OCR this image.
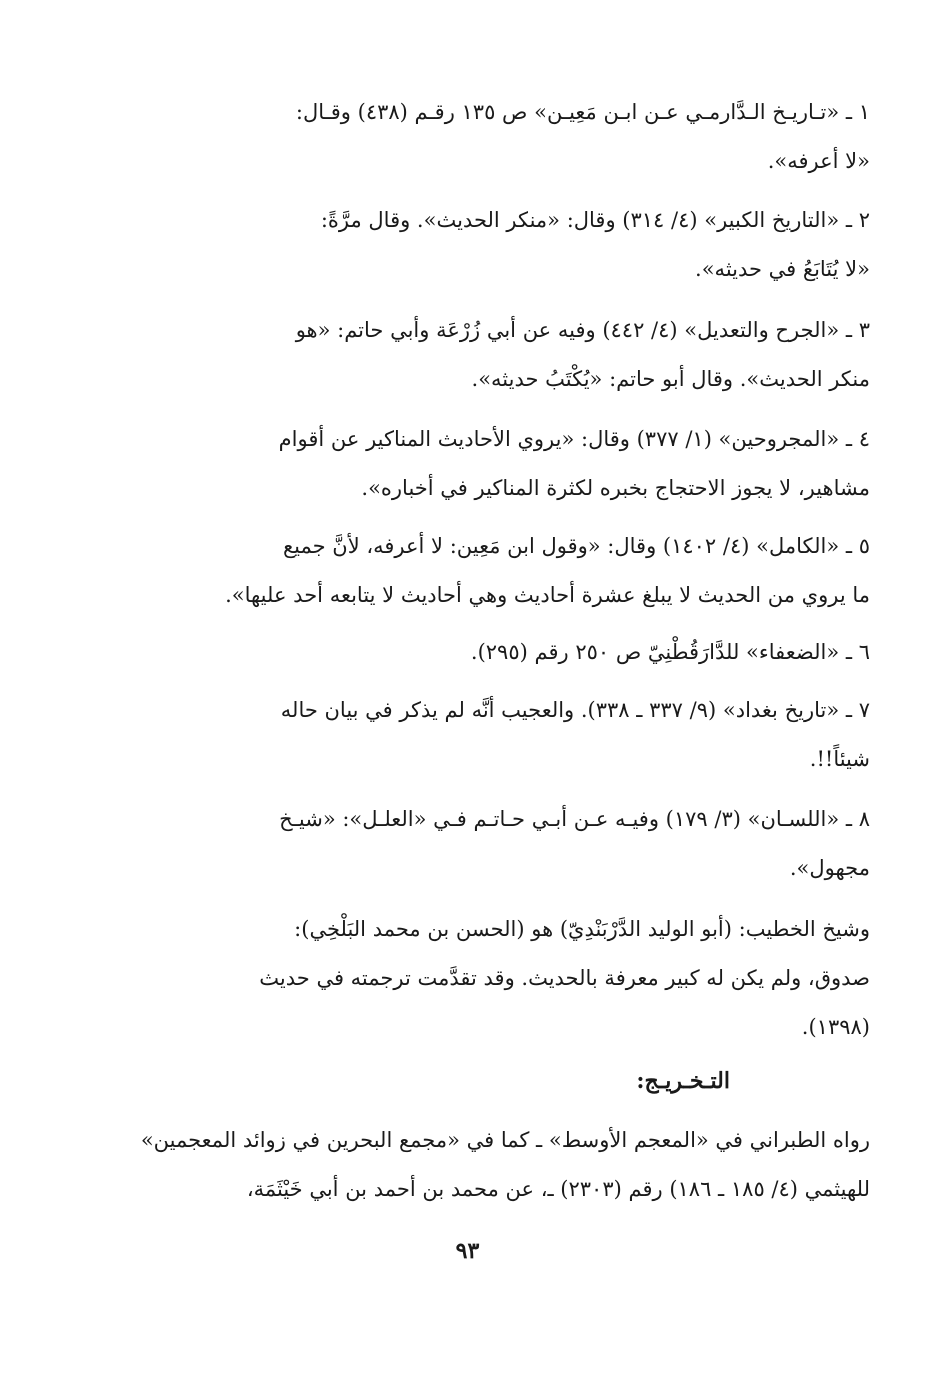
١ ـ «تـاريـخ الـدَّارمـي عـن ابـن مَعِيـن» ص ١٣٥ رقـم (٤٣٨) وقـال:
«لا أعرفه».
٢ ـ «التاريخ الكبير» (٤/ ٣١٤) وقال: «منكر الحديث». وقال مرَّةً:
«لا يُتَابَعُ في حديثه».
٣ ـ «الجرح والتعديل» (٤/ ٤٤٢) وفيه عن أبي زُرْعَة وأبي حاتم: «هو
منكر الحديث». وقال أبو حاتم: «يُكْتَبُ حديثه».
٤ ـ «المجروحين» (١/ ٣٧٧) وقال: «يروي الأحاديث المناكير عن أقوام
مشاهير، لا يجوز الاحتجاج بخبره لكثرة المناكير في أخباره».
٥ ـ «الكامل» (٤/ ١٤٠٢) وقال: «وقول ابن مَعِين: لا أعرفه، لأنَّ جميع
ما يروي من الحديث لا يبلغ عشرة أحاديث وهي أحاديث لا يتابعه أحد عليها».
٦ ـ «الضعفاء» للدَّارَقُطْنِيّ ص ٢٥٠ رقم (٢٩٥).
٧ ـ «تاريخ بغداد» (٩/ ٣٣٧ ـ ٣٣٨). والعجيب أنَّه لم يذكر في بيان حاله
شيئاً!!.
٨ ـ «اللسـان» (٣/ ١٧٩) وفيـه عـن أبـي حـاتـم فـي «العلـل»: «شيـخ
مجهول».
وشيخ الخطيب: (أبو الوليد الدَّرْبَنْدِيّ) هو (الحسن بن محمد البَلْخِي):
صدوق، ولم يكن له كبير معرفة بالحديث. وقد تقدَّمت ترجمته في حديث
(١٣٩٨).
التـخـريـج:
رواه الطبراني في «المعجم الأوسط» ـ كما في «مجمع البحرين في زوائد المعجمين»
للهيثمي (٤/ ١٨٥ ـ ١٨٦) رقم (٢٣٠٣) ـ، عن محمد بن أحمد بن أبي خَيْثَمَة،
٩٣
